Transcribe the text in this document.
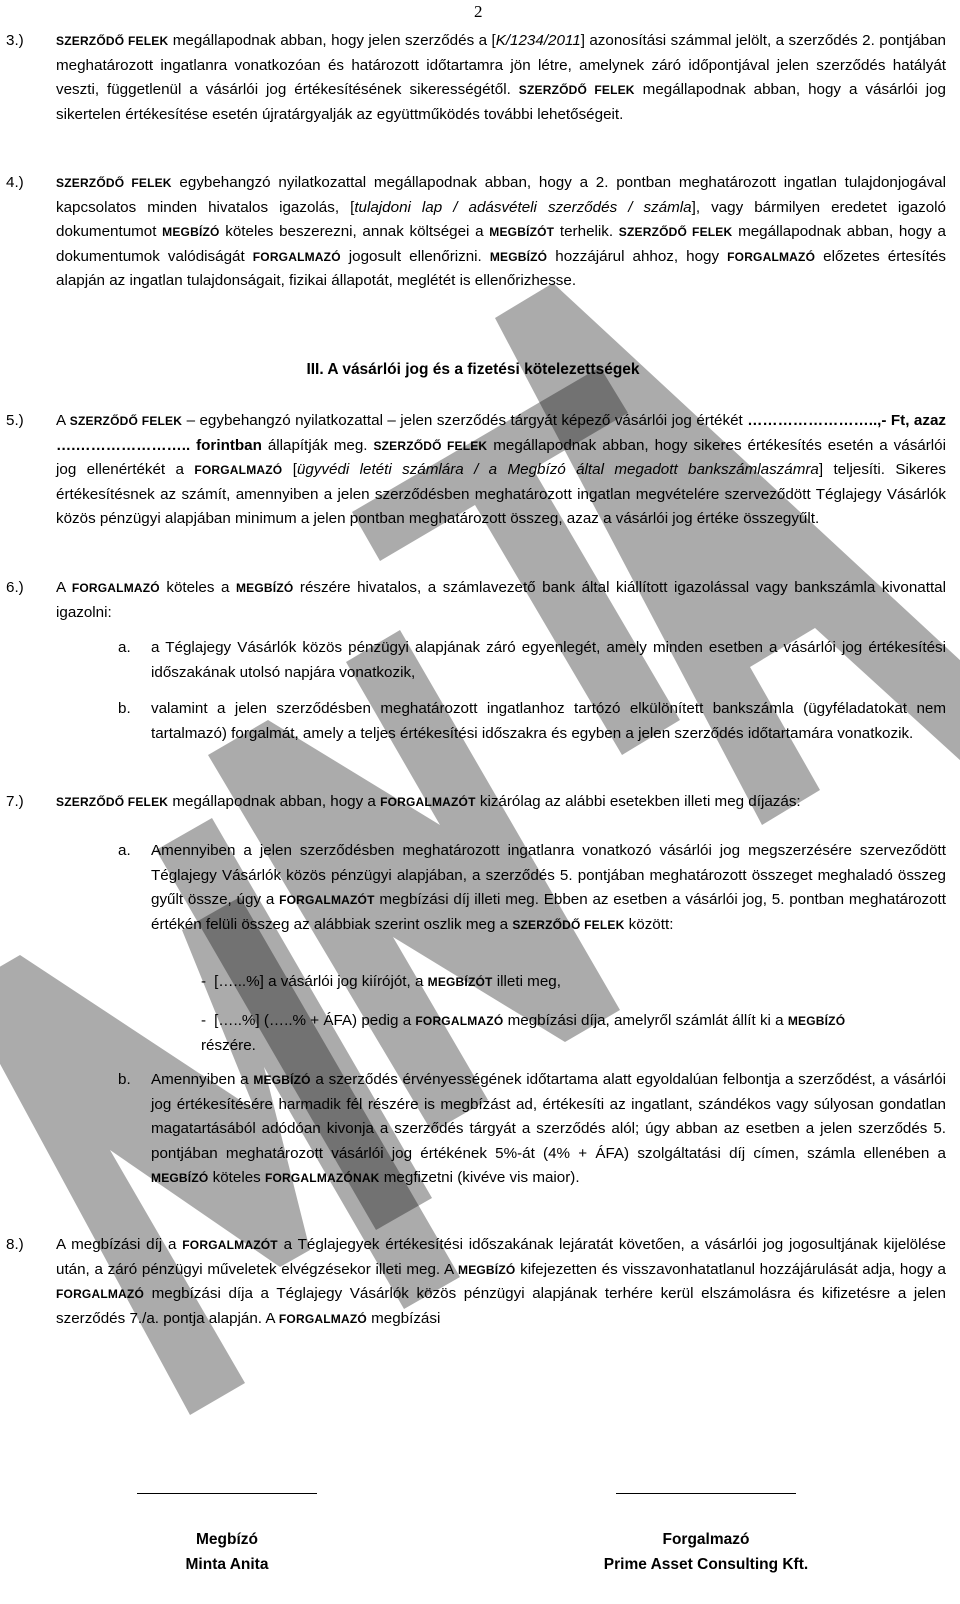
2
3.)	SZERZŐDŐ FELEK megállapodnak abban, hogy jelen szerződés a [K/1234/2011] azonosítási számmal jelölt, a szerződés 2. pontjában meghatározott ingatlanra vonatkozóan és határozott időtartamra jön létre, amelynek záró időpontjával jelen szerződés hatályát veszti, függetlenül a vásárlói jog értékesítésének sikerességétől. SZERZŐDŐ FELEK megállapodnak abban, hogy a vásárlói jog sikertelen értékesítése esetén újratárgyalják az együttműködés további lehetőségeit.
4.)	SZERZŐDŐ FELEK egybehangzó nyilatkozattal megállapodnak abban, hogy a 2. pontban meghatározott ingatlan tulajdonjogával kapcsolatos minden hivatalos igazolás, [tulajdoni lap / adásvételi szerződés / számla], vagy bármilyen eredetet igazoló dokumentumot MEGBÍZÓ köteles beszerezni, annak költségei a MEGBÍZÓT terhelik. SZERZŐDŐ FELEK megállapodnak abban, hogy a dokumentumok valódiságát FORGALMAZÓ jogosult ellenőrizni. MEGBÍZÓ hozzájárul ahhoz, hogy FORGALMAZÓ előzetes értesítés alapján az ingatlan tulajdonságait, fizikai állapotát, meglétét is ellenőrizhesse.
III. A vásárlói jog és a fizetési kötelezettségek
5.) A SZERZŐDŐ FELEK – egybehangzó nyilatkozattal – jelen szerződés tárgyát képező vásárlói jog értékét ……………………..,- Ft, azaz ….………………….. forintban állapítják meg. SZERZŐDŐ FELEK megállapodnak abban, hogy sikeres értékesítés esetén a vásárlói jog ellenértékét a FORGALMAZÓ [ügyvédi letéti számlára / a Megbízó által megadott bankszámlaszámra] teljesíti. Sikeres értékesítésnek az számít, amennyiben a jelen szerződésben meghatározott ingatlan megvételére szerveződött Téglajegy Vásárlók közös pénzügyi alapjában minimum a jelen pontban meghatározott összeg, azaz a vásárlói jog értéke összegyűlt.
6.) A FORGALMAZÓ köteles a MEGBÍZÓ részére hivatalos, a számlavezető bank által kiállított igazolással vagy bankszámla kivonattal igazolni:
a. a Téglajegy Vásárlók közös pénzügyi alapjának záró egyenlegét, amely minden esetben a vásárlói jog értékesítési időszakának utolsó napjára vonatkozik,
b. valamint a jelen szerződésben meghatározott ingatlanhoz tartózó elkülönített bankszámla (ügyféladatokat nem tartalmazó) forgalmát, amely a teljes értékesítési időszakra és egyben a jelen szerződés időtartamára vonatkozik.
7.)	SZERZŐDŐ FELEK megállapodnak abban, hogy a FORGALMAZÓT kizárólag az alábbi esetekben illeti meg díjazás:
a. Amennyiben a jelen szerződésben meghatározott ingatlanra vonatkozó vásárlói jog megszerzésére szerveződött Téglajegy Vásárlók közös pénzügyi alapjában, a szerződés 5. pontjában meghatározott összeget meghaladó összeg gyűlt össze, úgy a FORGALMAZÓT megbízási díj illeti meg. Ebben az esetben a vásárlói jog, 5. pontban meghatározott értékén felüli összeg az alábbiak szerint oszlik meg a SZERZŐDŐ FELEK között:
- […...%] a vásárlói jog kiírójót, a MEGBÍZÓT illeti meg,
- […..%] (…..% + ÁFA) pedig a FORGALMAZÓ megbízási díja, amelyről számlát állít ki a MEGBÍZÓ
részére.
b. Amennyiben a MEGBÍZÓ a szerződés érvényességének időtartama alatt egyoldalúan felbontja a szerződést, a vásárlói jog értékesítésére harmadik fél részére is megbízást ad, értékesíti az ingatlant, szándékos vagy súlyosan gondatlan magatartásából adódóan kivonja a szerződés tárgyát a szerződés alól; úgy abban az esetben a jelen szerződés 5. pontjában meghatározott vásárlói jog értékének 5%-át (4% + ÁFA) szolgáltatási díj címen, számla ellenében a MEGBÍZÓ köteles FORGALMAZÓNAK megfizetni (kivéve vis maior).
8.) A megbízási díj a FORGALMAZÓT a Téglajegyek értékesítési időszakának lejáratát követően, a vásárlói jog jogosultjának kijelölése után, a záró pénzügyi műveletek elvégzésekor illeti meg. A MEGBÍZÓ kifejezetten és visszavonhatatlanul hozzájárulását adja, hogy a FORGALMAZÓ megbízási díja a Téglajegy Vásárlók közös pénzügyi alapjának terhére kerül elszámolásra és kifizetésre a jelen szerződés 7./a. pontja alapján. A FORGALMAZÓ megbízási
Megbízó
Minta Anita
Forgalmazó
Prime Asset Consulting Kft.
